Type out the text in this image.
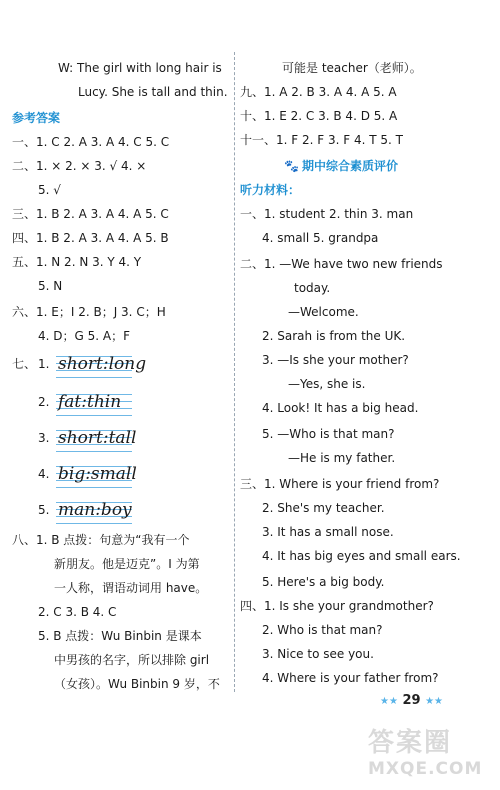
W: The girl with long hair is
Lucy. She is tall and thin.
参考答案
一、1. C 2. A 3. A 4. C 5. C
二、1. × 2. × 3. √ 4. ×
5. √
三、1. B 2. A 3. A 4. A 5. C
四、1. B 2. A 3. A 4. A 5. B
五、1. N 2. N 3. Y 4. Y
5. N
六、1. E；I 2. B；J 3. C；H
4. D；G 5. A；F
七、 1. short:long
2. fat:thin
3. short:tall
4. big:small
5. man:boy
八、1. B 点拨：句意为“我有一个
新朋友。他是迈克”。I 为第
一人称，谓语动词用 have。
2. C 3. B 4. C
5. B 点拨：Wu Binbin 是课本
中男孩的名字，所以排除 girl
（女孩）。Wu Binbin 9 岁，不
可能是 teacher（老师）。
九、1. A 2. B 3. A 4. A 5. A
十、1. E 2. C 3. B 4. D 5. A
十一、1. F 2. F 3. F 4. T 5. T
🐾 期中综合素质评价
听力材料：
一、1. student 2. thin 3. man
4. small 5. grandpa
二、1. —We have two new friends
today.
—Welcome.
2. Sarah is from the UK.
3. —Is she your mother?
—Yes, she is.
4. Look! It has a big head.
5. —Who is that man?
—He is my father.
三、1. Where is your friend from?
2. She's my teacher.
3. It has a small nose.
4. It has big eyes and small ears.
5. Here's a big body.
四、1. Is she your grandmother?
2. Who is that man?
3. Nice to see you.
4. Where is your father from?
★★ 29 ★★
答案圈
MXQE.COM
